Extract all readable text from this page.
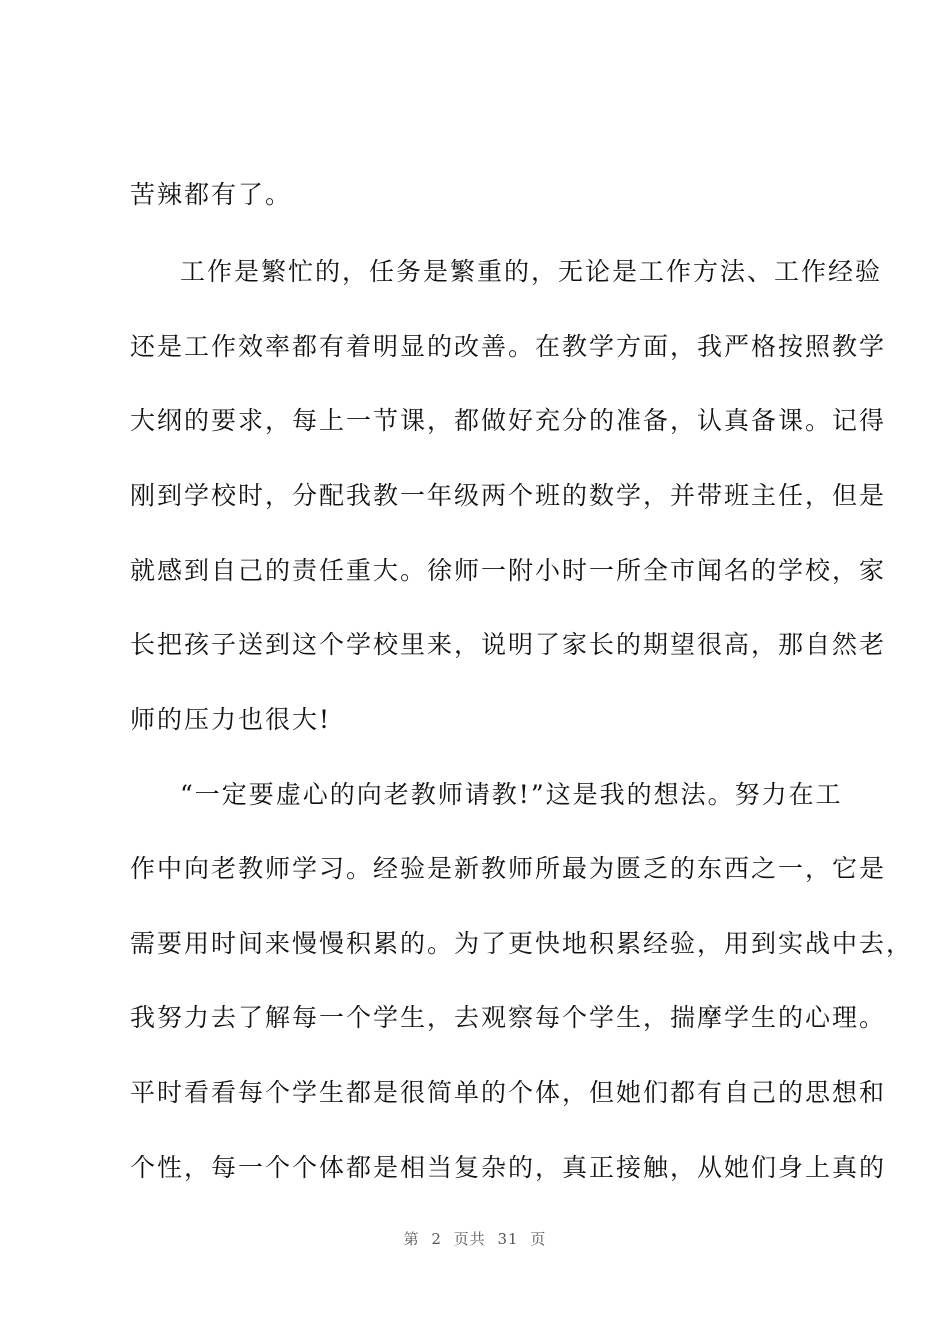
苦辣都有了。
工作是繁忙的，任务是繁重的，无论是工作方法、工作经验
还是工作效率都有着明显的改善。在教学方面，我严格按照教学
大纲的要求，每上一节课，都做好充分的准备，认真备课。记得
刚到学校时，分配我教一年级两个班的数学，并带班主任，但是
就感到自己的责任重大。徐师一附小时一所全市闻名的学校，家
长把孩子送到这个学校里来，说明了家长的期望很高，那自然老
师的压力也很大!
“一定要虚心的向老教师请教!”这是我的想法。努力在工
作中向老教师学习。经验是新教师所最为匮乏的东西之一，它是
需要用时间来慢慢积累的。为了更快地积累经验，用到实战中去，
我努力去了解每一个学生，去观察每个学生，揣摩学生的心理。
平时看看每个学生都是很简单的个体，但她们都有自己的思想和
个性，每一个个体都是相当复杂的，真正接触，从她们身上真的
第 2 页共 31 页
